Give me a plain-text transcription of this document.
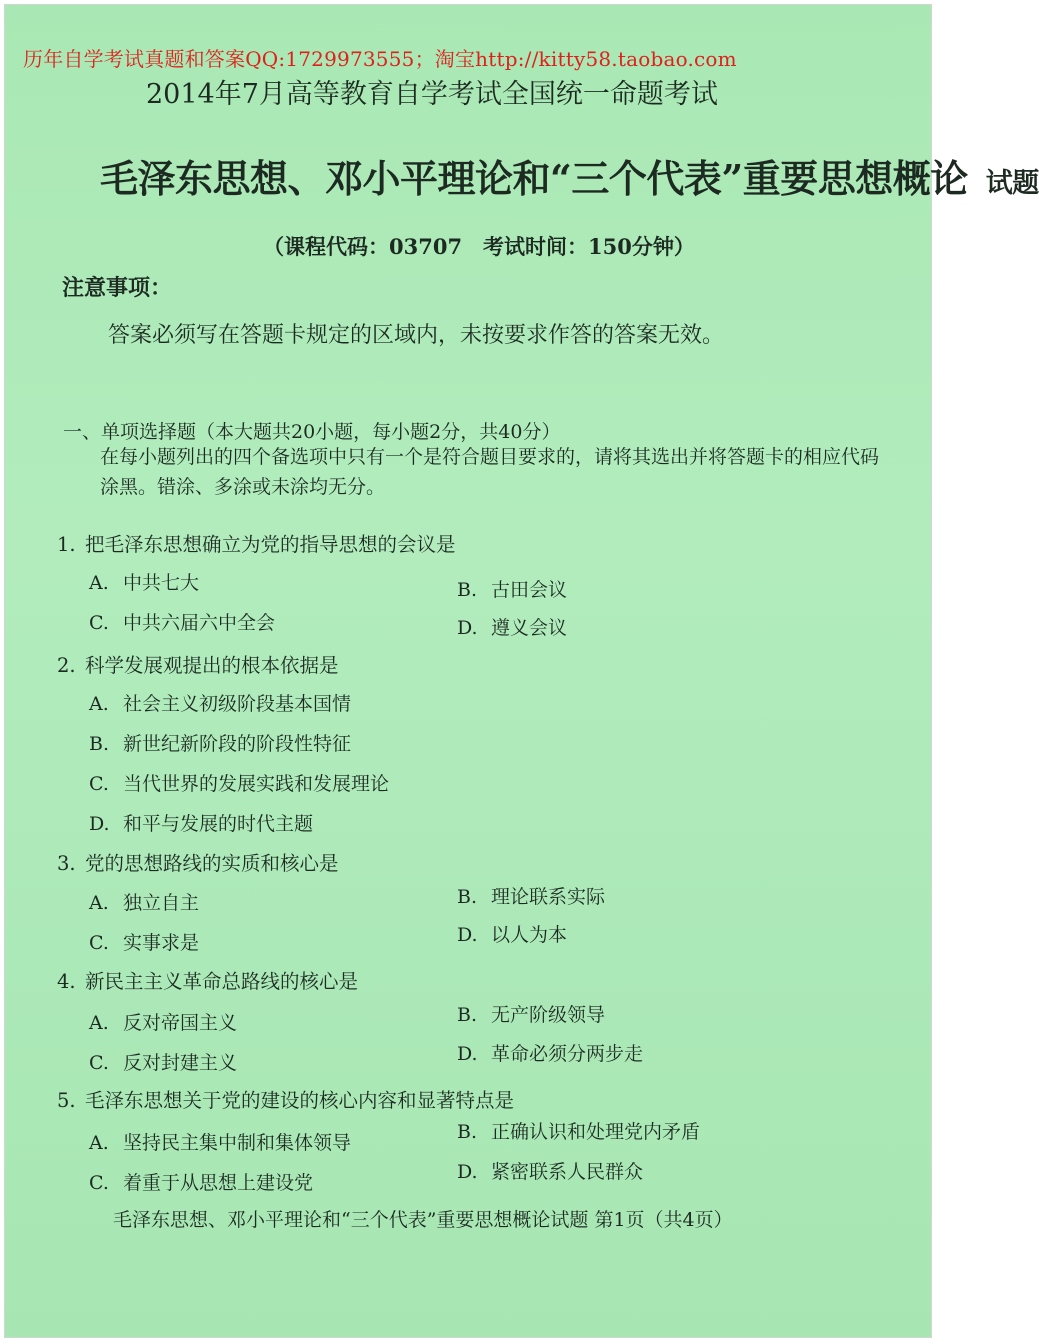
历年自学考试真题和答案QQ:1729973555；淘宝http://kitty58.taobao.com
2014年7月高等教育自学考试全国统一命题考试
毛泽东思想、邓小平理论和“三个代表”重要思想概论 试题
（课程代码：03707　考试时间：150分钟）
注意事项：
答案必须写在答题卡规定的区域内，未按要求作答的答案无效。
一、单项选择题（本大题共20小题，每小题2分，共40分）
在每小题列出的四个备选项中只有一个是符合题目要求的，请将其选出并将答题卡的相应代码涂黑。错涂、多涂或未涂均无分。
1. 把毛泽东思想确立为党的指导思想的会议是
A. 中共七大	B. 古田会议
C. 中共六届六中全会	D. 遵义会议
2. 科学发展观提出的根本依据是
A. 社会主义初级阶段基本国情
B. 新世纪新阶段的阶段性特征
C. 当代世界的发展实践和发展理论
D. 和平与发展的时代主题
3. 党的思想路线的实质和核心是
A. 独立自主	B. 理论联系实际
C. 实事求是	D. 以人为本
4. 新民主主义革命总路线的核心是
A. 反对帝国主义	B. 无产阶级领导
C. 反对封建主义	D. 革命必须分两步走
5. 毛泽东思想关于党的建设的核心内容和显著特点是
A. 坚持民主集中制和集体领导	B. 正确认识和处理党内矛盾
C. 着重于从思想上建设党	D. 紧密联系人民群众
毛泽东思想、邓小平理论和“三个代表”重要思想概论试题 第1页（共4页）
